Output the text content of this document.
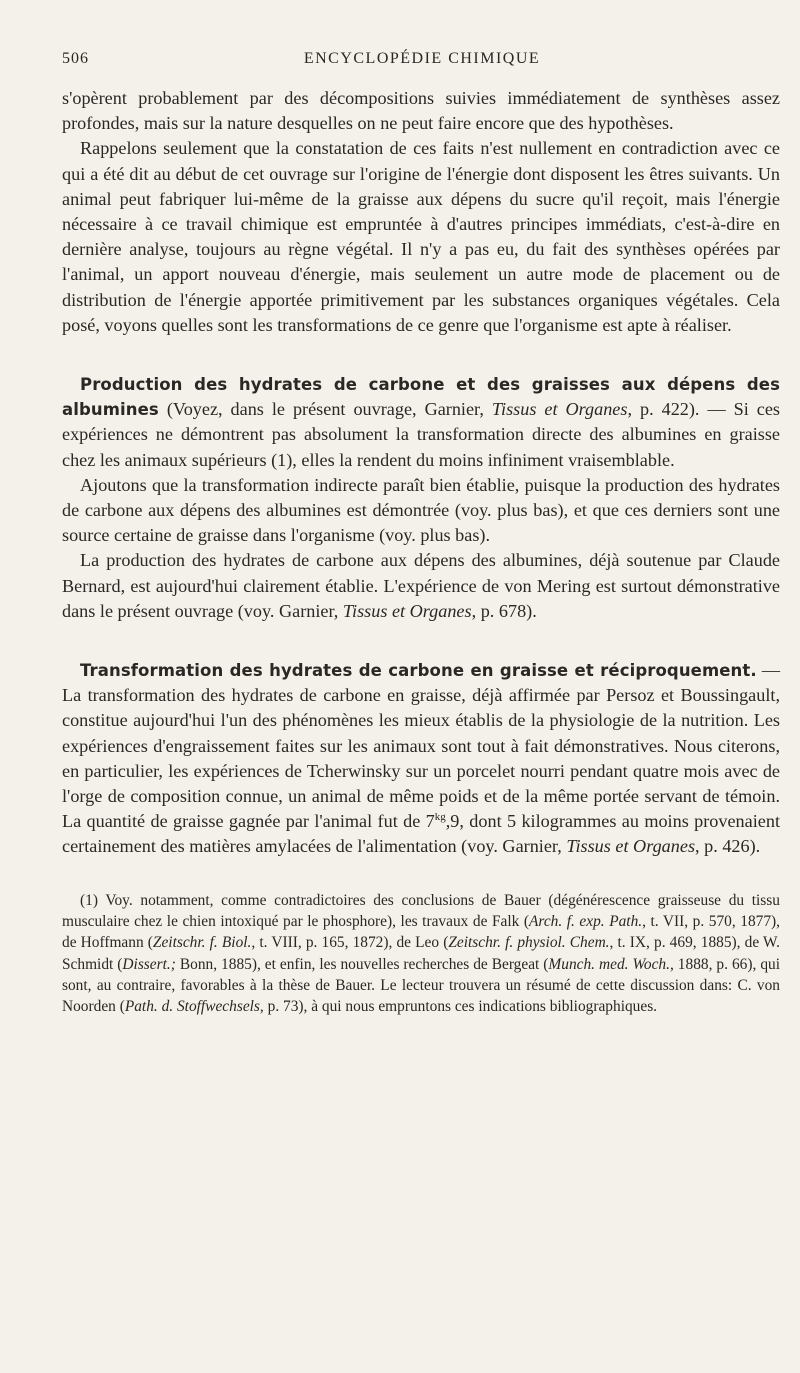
506	ENCYCLOPÉDIE CHIMIQUE

s'opèrent probablement par des décompositions suivies immédiatement de synthèses assez profondes, mais sur la nature desquelles on ne peut faire encore que des hypothèses.

Rappelons seulement que la constatation de ces faits n'est nullement en contradiction avec ce qui a été dit au début de cet ouvrage sur l'origine de l'énergie dont disposent les êtres suivants. Un animal peut fabriquer lui-même de la graisse aux dépens du sucre qu'il reçoit, mais l'énergie nécessaire à ce travail chimique est empruntée à d'autres principes immédiats, c'est-à-dire en dernière analyse, toujours au règne végétal. Il n'y a pas eu, du fait des synthèses opérées par l'animal, un apport nouveau d'énergie, mais seulement un autre mode de placement ou de distribution de l'énergie apportée primitivement par les substances organiques végétales. Cela posé, voyons quelles sont les transformations de ce genre que l'organisme est apte à réaliser.

Production des hydrates de carbone et des graisses aux dépens des albumines (Voyez, dans le présent ouvrage, Garnier, Tissus et Organes, p. 422). — Si ces expériences ne démontrent pas absolument la transformation directe des albumines en graisse chez les animaux supérieurs (1), elles la rendent du moins infiniment vraisemblable.

Ajoutons que la transformation indirecte paraît bien établie, puisque la production des hydrates de carbone aux dépens des albumines est démontrée (voy. plus bas), et que ces derniers sont une source certaine de graisse dans l'organisme (voy. plus bas).

La production des hydrates de carbone aux dépens des albumines, déjà soutenue par Claude Bernard, est aujourd'hui clairement établie. L'expérience de von Mering est surtout démonstrative dans le présent ouvrage (voy. Garnier, Tissus et Organes, p. 678).

Transformation des hydrates de carbone en graisse et réciproquement. — La transformation des hydrates de carbone en graisse, déjà affirmée par Persoz et Boussingault, constitue aujourd'hui l'un des phénomènes les mieux établis de la physiologie de la nutrition. Les expériences d'engraissement faites sur les animaux sont tout à fait démonstratives. Nous citerons, en particulier, les expériences de Tcherwinsky sur un porcelet nourri pendant quatre mois avec de l'orge de composition connue, un animal de même poids et de la même portée servant de témoin. La quantité de graisse gagnée par l'animal fut de $7^{kg},9$, dont 5 kilogrammes au moins provenaient certainement des matières amylacées de l'alimentation (voy. Garnier, Tissus et Organes, p. 426).

(1) Voy. notamment, comme contradictoires des conclusions de Bauer (dégénérescence graisseuse du tissu musculaire chez le chien intoxiqué par le phosphore), les travaux de Falk (Arch. f. exp. Path., t. VII, p. 570, 1877), de Hoffmann (Zeitschr. f. Biol., t. VIII, p. 165, 1872), de Leo (Zeitschr. f. physiol. Chem., t. IX, p. 469, 1885), de W. Schmidt (Dissert.; Bonn, 1885), et enfin, les nouvelles recherches de Bergeat (Munch. med. Woch., 1888, p. 66), qui sont, au contraire, favorables à la thèse de Bauer. Le lecteur trouvera un résumé de cette discussion dans: C. von Noorden (Path. d. Stoffwechsels, p. 73), à qui nous empruntons ces indications bibliographiques.
